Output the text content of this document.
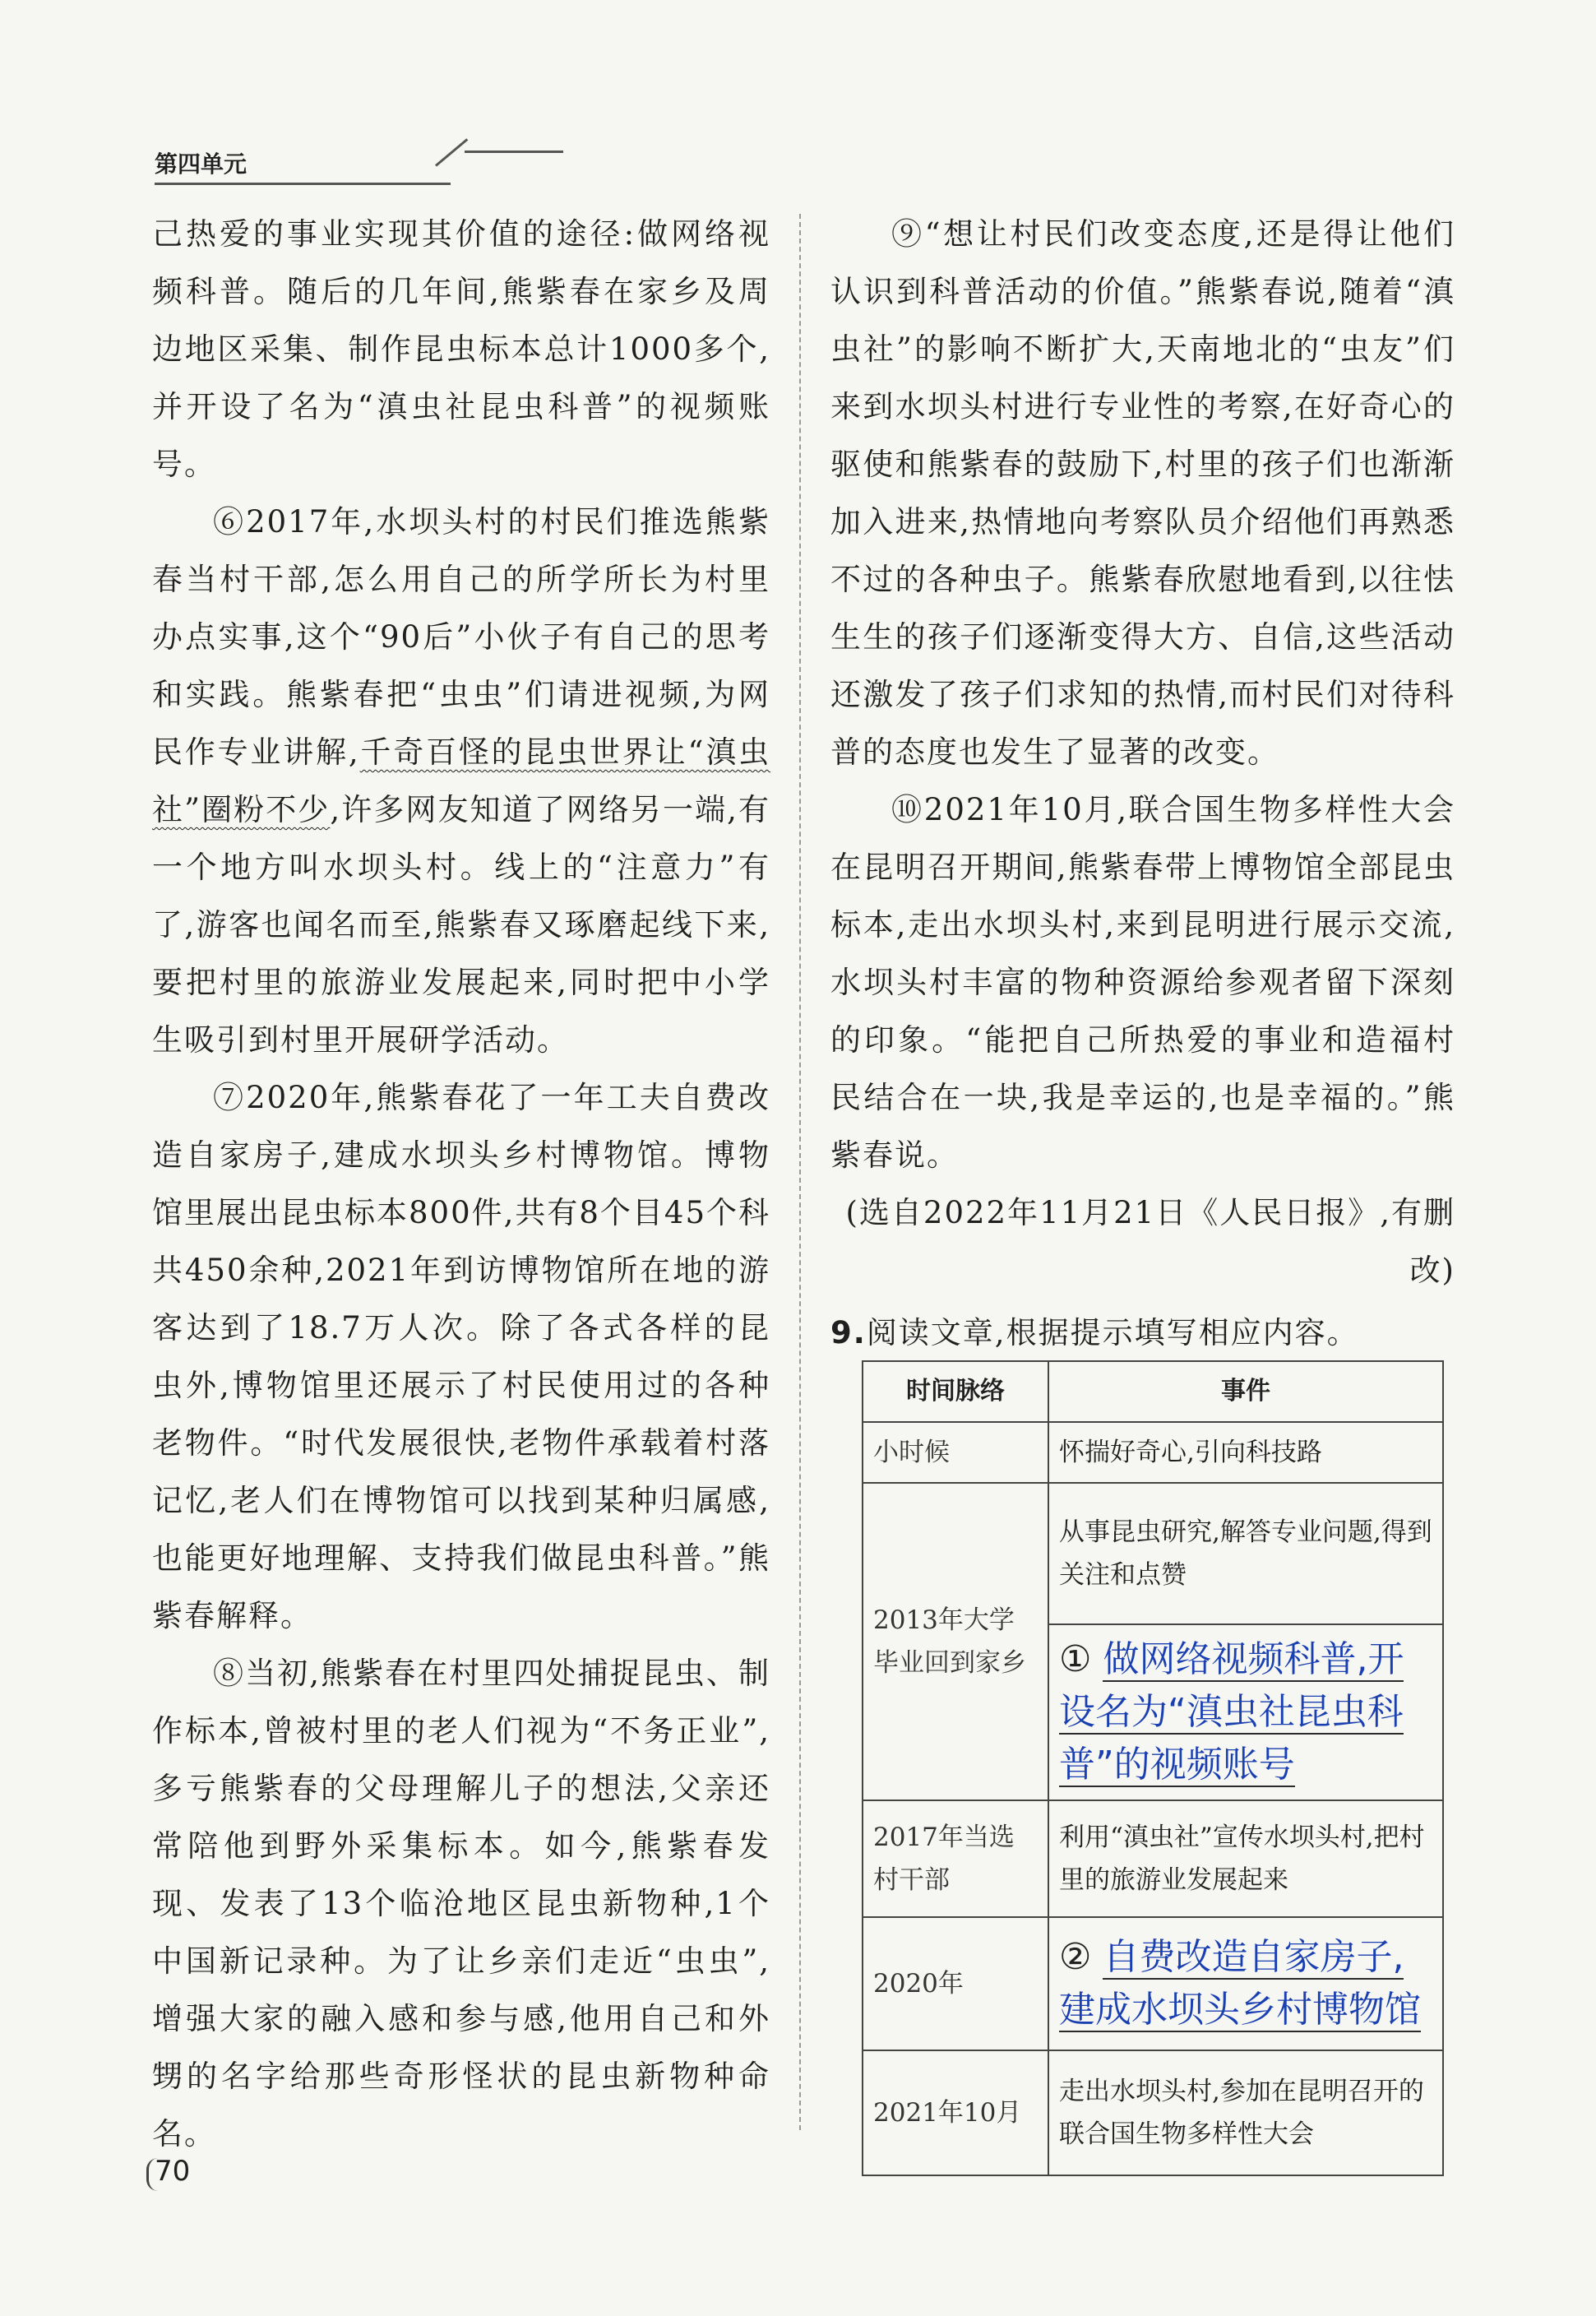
第四单元

己热爱的事业实现其价值的途径:做网络视频科普。随后的几年间,熊紫春在家乡及周边地区采集、制作昆虫标本总计1000多个,并开设了名为“滇虫社昆虫科普”的视频账号。

⑥2017年,水坝头村的村民们推选熊紫春当村干部,怎么用自己的所学所长为村里办点实事,这个“90后”小伙子有自己的思考和实践。熊紫春把“虫虫”们请进视频,为网民作专业讲解,千奇百怪的昆虫世界让“滇虫社”圈粉不少,许多网友知道了网络另一端,有一个地方叫水坝头村。线上的“注意力”有了,游客也闻名而至,熊紫春又琢磨起线下来,要把村里的旅游业发展起来,同时把中小学生吸引到村里开展研学活动。

⑦2020年,熊紫春花了一年工夫自费改造自家房子,建成水坝头乡村博物馆。博物馆里展出昆虫标本800件,共有8个目45个科共450余种,2021年到访博物馆所在地的游客达到了18.7万人次。除了各式各样的昆虫外,博物馆里还展示了村民使用过的各种老物件。“时代发展很快,老物件承载着村落记忆,老人们在博物馆可以找到某种归属感,也能更好地理解、支持我们做昆虫科普。”熊紫春解释。

⑧当初,熊紫春在村里四处捕捉昆虫、制作标本,曾被村里的老人们视为“不务正业”,多亏熊紫春的父母理解儿子的想法,父亲还常陪他到野外采集标本。如今,熊紫春发现、发表了13个临沧地区昆虫新物种,1个中国新记录种。为了让乡亲们走近“虫虫”,增强大家的融入感和参与感,他用自己和外甥的名字给那些奇形怪状的昆虫新物种命名。

⑨“想让村民们改变态度,还是得让他们认识到科普活动的价值。”熊紫春说,随着“滇虫社”的影响不断扩大,天南地北的“虫友”们来到水坝头村进行专业性的考察,在好奇心的驱使和熊紫春的鼓励下,村里的孩子们也渐渐加入进来,热情地向考察队员介绍他们再熟悉不过的各种虫子。熊紫春欣慰地看到,以往怯生生的孩子们逐渐变得大方、自信,这些活动还激发了孩子们求知的热情,而村民们对待科普的态度也发生了显著的改变。

⑩2021年10月,联合国生物多样性大会在昆明召开期间,熊紫春带上博物馆全部昆虫标本,走出水坝头村,来到昆明进行展示交流,水坝头村丰富的物种资源给参观者留下深刻的印象。“能把自己所热爱的事业和造福村民结合在一块,我是幸运的,也是幸福的。”熊紫春说。

(选自2022年11月21日《人民日报》,有删改)

9.阅读文章,根据提示填写相应内容。

时间脉络	事件
小时候	怀揣好奇心,引向科技路
2013年大学毕业回到家乡	从事昆虫研究,解答专业问题,得到关注和点赞
	① 做网络视频科普,开设名为“滇虫社昆虫科普”的视频账号
2017年当选村干部	利用“滇虫社”宣传水坝头村,把村里的旅游业发展起来
2020年	② 自费改造自家房子,建成水坝头乡村博物馆
2021年10月	走出水坝头村,参加在昆明召开的联合国生物多样性大会
70
